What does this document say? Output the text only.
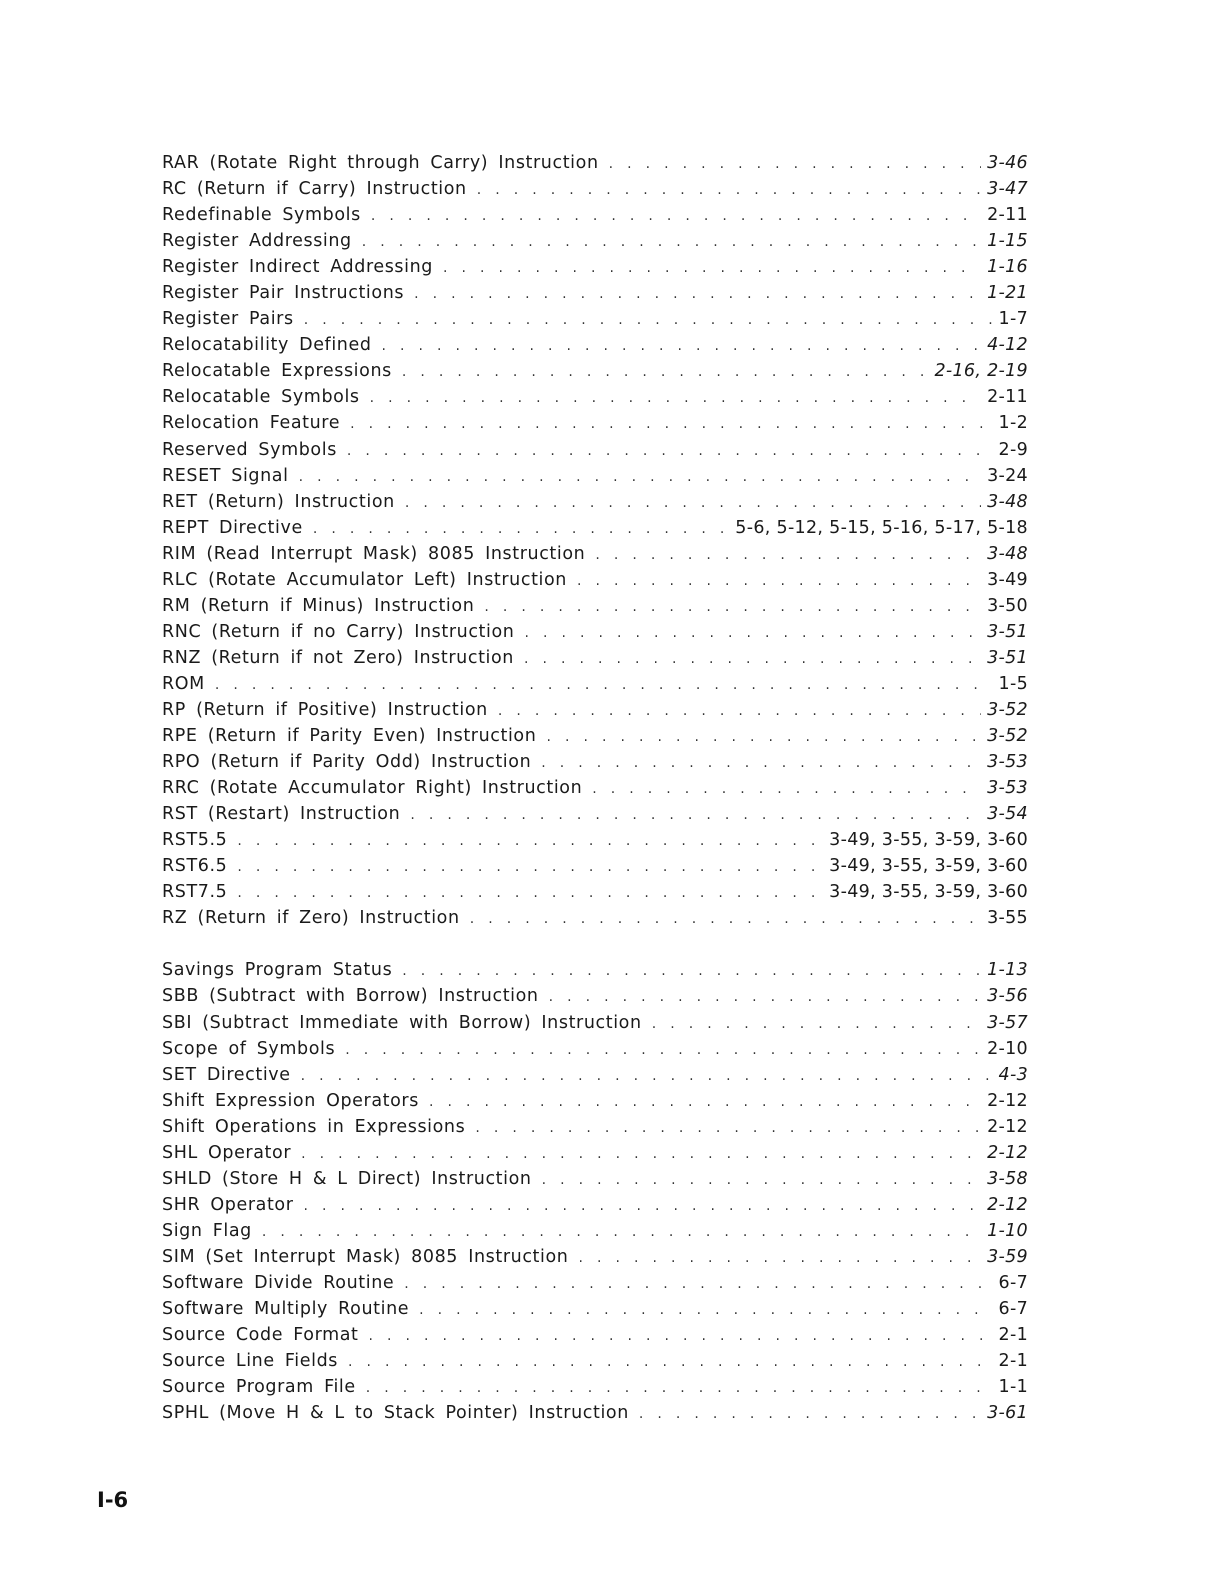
RAR (Rotate Right through Carry) Instruction . . .	3-46
RC (Return if Carry) Instruction . . .	3-47
Redefinable Symbols . . .	2-11
Register Addressing . . .	1-15
Register Indirect Addressing . . .	1-16
Register Pair Instructions . . .	1-21
Register Pairs . . .	1-7
Relocatability Defined . . .	4-12
Relocatable Expressions . . .	2-16, 2-19
Relocatable Symbols . . .	2-11
Relocation Feature . . .	1-2
Reserved Symbols . . .	2-9
RESET Signal . . .	3-24
RET (Return) Instruction . . .	3-48
REPT Directive . . .	5-6, 5-12, 5-15, 5-16, 5-17, 5-18
RIM (Read Interrupt Mask) 8085 Instruction . . .	3-48
RLC (Rotate Accumulator Left) Instruction . . .	3-49
RM (Return if Minus) Instruction . . .	3-50
RNC (Return if no Carry) Instruction . . .	3-51
RNZ (Return if not Zero) Instruction . . .	3-51
ROM . . .	1-5
RP (Return if Positive) Instruction . . .	3-52
RPE (Return if Parity Even) Instruction . . .	3-52
RPO (Return if Parity Odd) Instruction . . .	3-53
RRC (Rotate Accumulator Right) Instruction . . .	3-53
RST (Restart) Instruction . . .	3-54
RST5.5 . . .	3-49, 3-55, 3-59, 3-60
RST6.5 . . .	3-49, 3-55, 3-59, 3-60
RST7.5 . . .	3-49, 3-55, 3-59, 3-60
RZ (Return if Zero) Instruction . . .	3-55
Savings Program Status . . .	1-13
SBB (Subtract with Borrow) Instruction . . .	3-56
SBI (Subtract Immediate with Borrow) Instruction . . .	3-57
Scope of Symbols . . .	2-10
SET Directive . . .	4-3
Shift Expression Operators . . .	2-12
Shift Operations in Expressions . . .	2-12
SHL Operator . . .	2-12
SHLD (Store H & L Direct) Instruction . . .	3-58
SHR Operator . . .	2-12
Sign Flag . . .	1-10
SIM (Set Interrupt Mask) 8085 Instruction . . .	3-59
Software Divide Routine . . .	6-7
Software Multiply Routine . . .	6-7
Source Code Format . . .	2-1
Source Line Fields . . .	2-1
Source Program File . . .	1-1
SPHL (Move H & L to Stack Pointer) Instruction . . .	3-61
I-6
